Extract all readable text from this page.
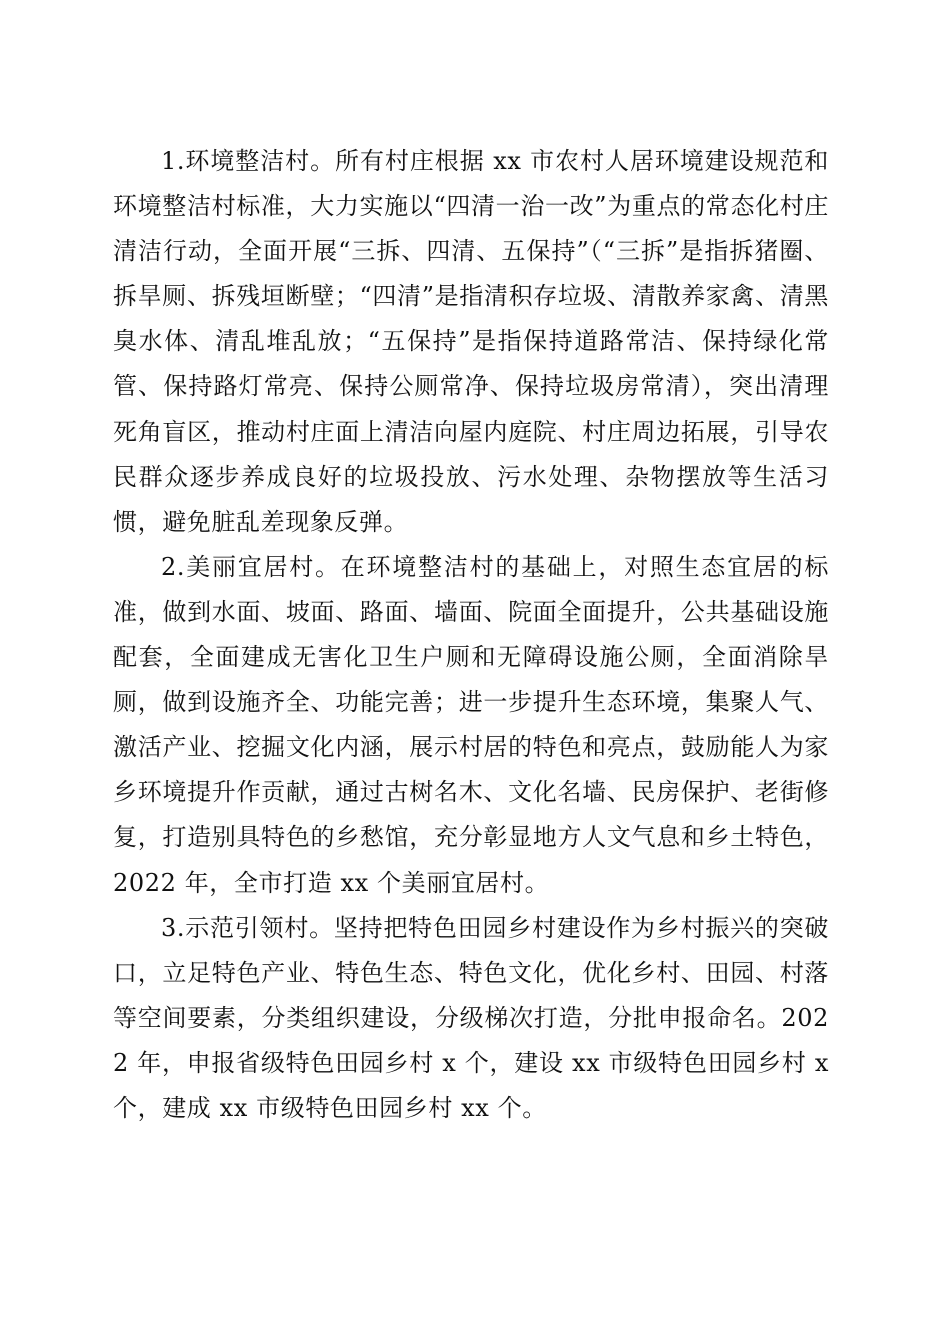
1.环境整洁村。所有村庄根据 xx 市农村人居环境建设规范和环境整洁村标准，大力实施以“四清一治一改”为重点的常态化村庄清洁行动，全面开展“三拆、四清、五保持”（“三拆”是指拆猪圈、拆旱厕、拆残垣断壁；“四清”是指清积存垃圾、清散养家禽、清黑臭水体、清乱堆乱放；“五保持”是指保持道路常洁、保持绿化常管、保持路灯常亮、保持公厕常净、保持垃圾房常清），突出清理死角盲区，推动村庄面上清洁向屋内庭院、村庄周边拓展，引导农民群众逐步养成良好的垃圾投放、污水处理、杂物摆放等生活习惯，避免脏乱差现象反弹。

2.美丽宜居村。在环境整洁村的基础上，对照生态宜居的标准，做到水面、坡面、路面、墙面、院面全面提升，公共基础设施配套，全面建成无害化卫生户厕和无障碍设施公厕，全面消除旱厕，做到设施齐全、功能完善；进一步提升生态环境，集聚人气、激活产业、挖掘文化内涵，展示村居的特色和亮点，鼓励能人为家乡环境提升作贡献，通过古树名木、文化名墙、民房保护、老街修复，打造别具特色的乡愁馆，充分彰显地方人文气息和乡土特色，2022 年，全市打造 xx 个美丽宜居村。

3.示范引领村。坚持把特色田园乡村建设作为乡村振兴的突破口，立足特色产业、特色生态、特色文化，优化乡村、田园、村落等空间要素，分类组织建设，分级梯次打造，分批申报命名。2022 年，申报省级特色田园乡村 x 个，建设 xx 市级特色田园乡村 x 个，建成 xx 市级特色田园乡村 xx 个。
